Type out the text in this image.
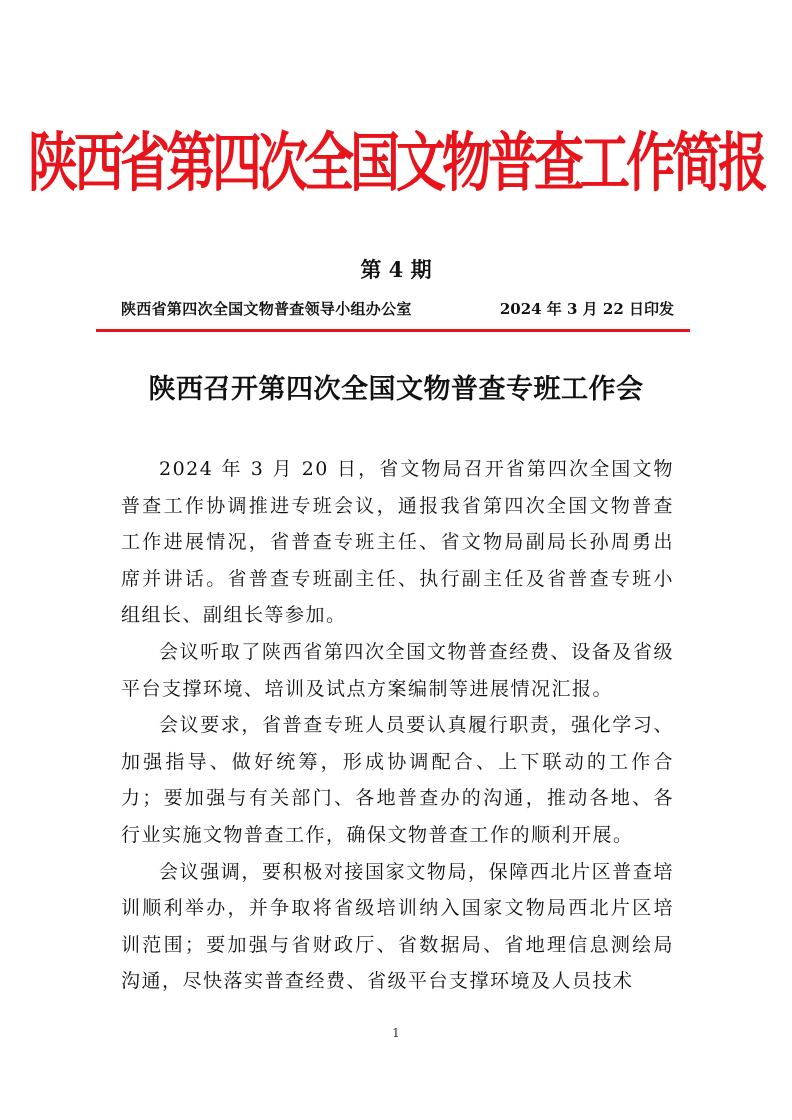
陕西省第四次全国文物普查工作简报
第 4 期
陕西省第四次全国文物普查领导小组办公室	2024 年 3 月 22 日印发
陕西召开第四次全国文物普查专班工作会

2024 年 3 月 20 日，省文物局召开省第四次全国文物普查工作协调推进专班会议，通报我省第四次全国文物普查工作进展情况，省普查专班主任、省文物局副局长孙周勇出席并讲话。省普查专班副主任、执行副主任及省普查专班小组组长、副组长等参加。

会议听取了陕西省第四次全国文物普查经费、设备及省级平台支撑环境、培训及试点方案编制等进展情况汇报。

会议要求，省普查专班人员要认真履行职责，强化学习、加强指导、做好统筹，形成协调配合、上下联动的工作合力；要加强与有关部门、各地普查办的沟通，推动各地、各行业实施文物普查工作，确保文物普查工作的顺利开展。

会议强调，要积极对接国家文物局，保障西北片区普查培训顺利举办，并争取将省级培训纳入国家文物局西北片区培训范围；要加强与省财政厅、省数据局、省地理信息测绘局沟通，尽快落实普查经费、省级平台支撑环境及人员技术

1
